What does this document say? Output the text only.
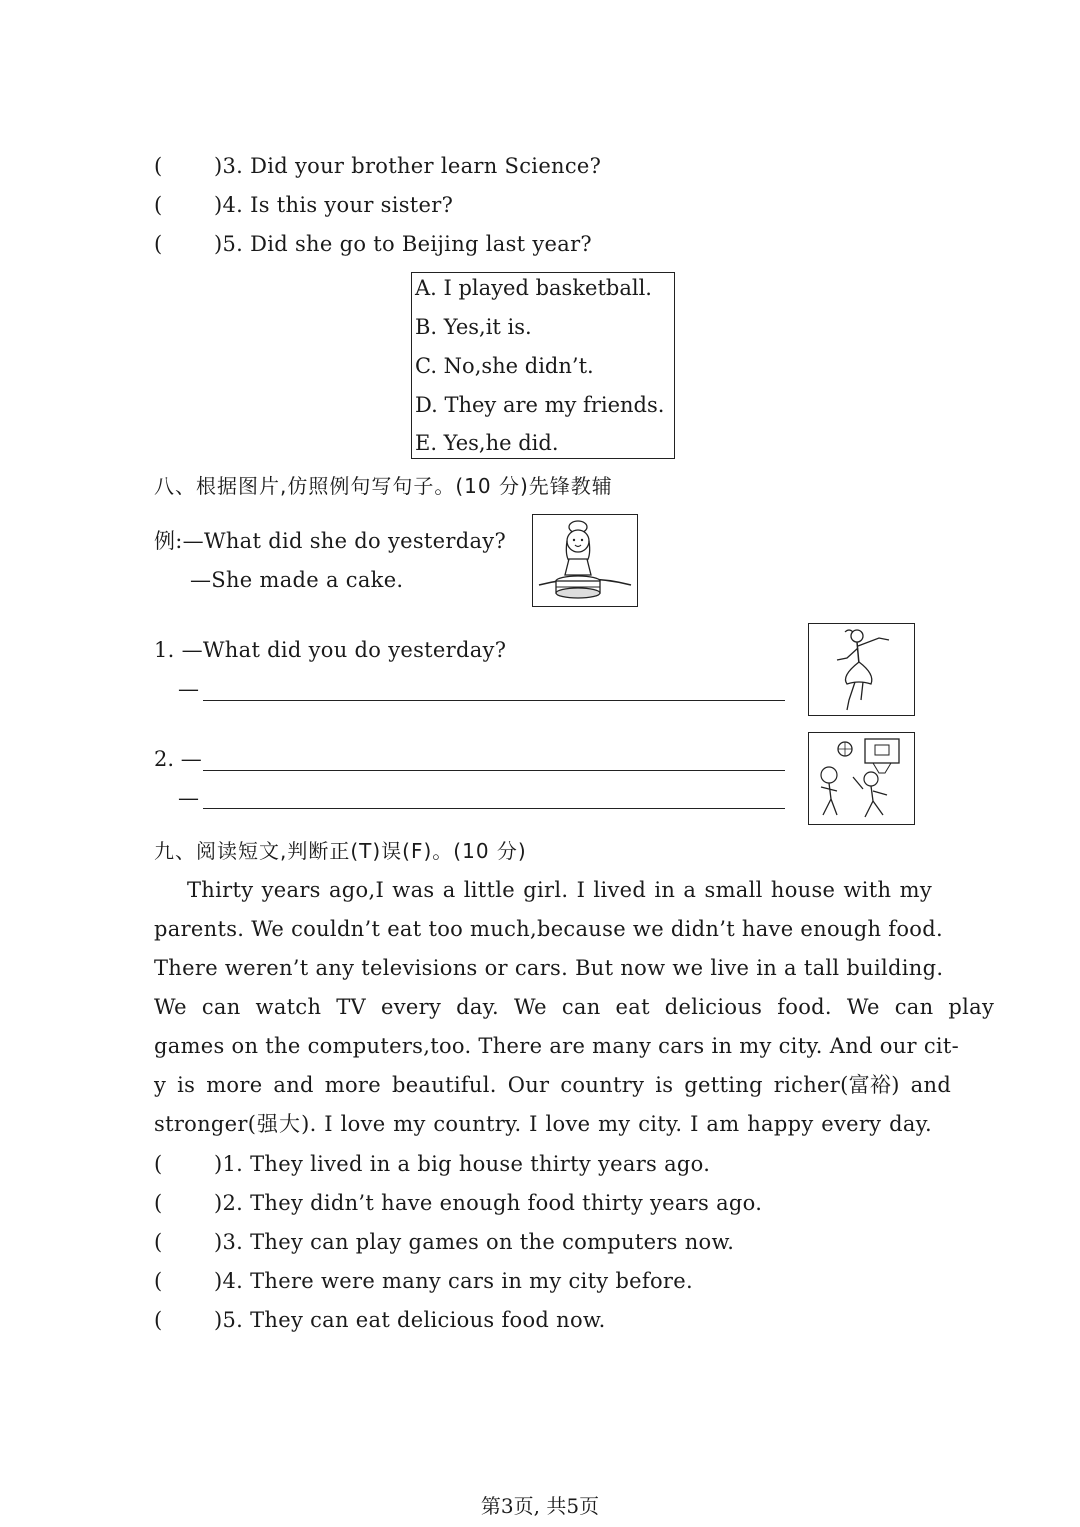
( )3. Did your brother learn Science?
( )4. Is this your sister?
( )5. Did she go to Beijing last year?
A. I played basketball.
B. Yes,it is.
C. No,she didn’t.
D. They are my friends.
E. Yes,he did.
八、根据图片,仿照例句写句子。(10 分)先锋教辅
例:—What did she do yesterday?
—She made a cake.
1. —What did you do yesterday?
—
2. —
—
九、阅读短文,判断正(T)误(F)。(10 分)
Thirty years ago,I was a little girl. I lived in a small house with my
parents. We couldn’t eat too much,because we didn’t have enough food.
There weren’t any televisions or cars. But now we live in a tall building.
We can watch TV every day. We can eat delicious food. We can play
games on the computers,too. There are many cars in my city. And our cit-
y is more and more beautiful. Our country is getting richer(富裕) and
stronger(强大). I love my country. I love my city. I am happy every day.
( )1. They lived in a big house thirty years ago.
( )2. They didn’t have enough food thirty years ago.
( )3. They can play games on the computers now.
( )4. There were many cars in my city before.
( )5. They can eat delicious food now.
第3页, 共5页
